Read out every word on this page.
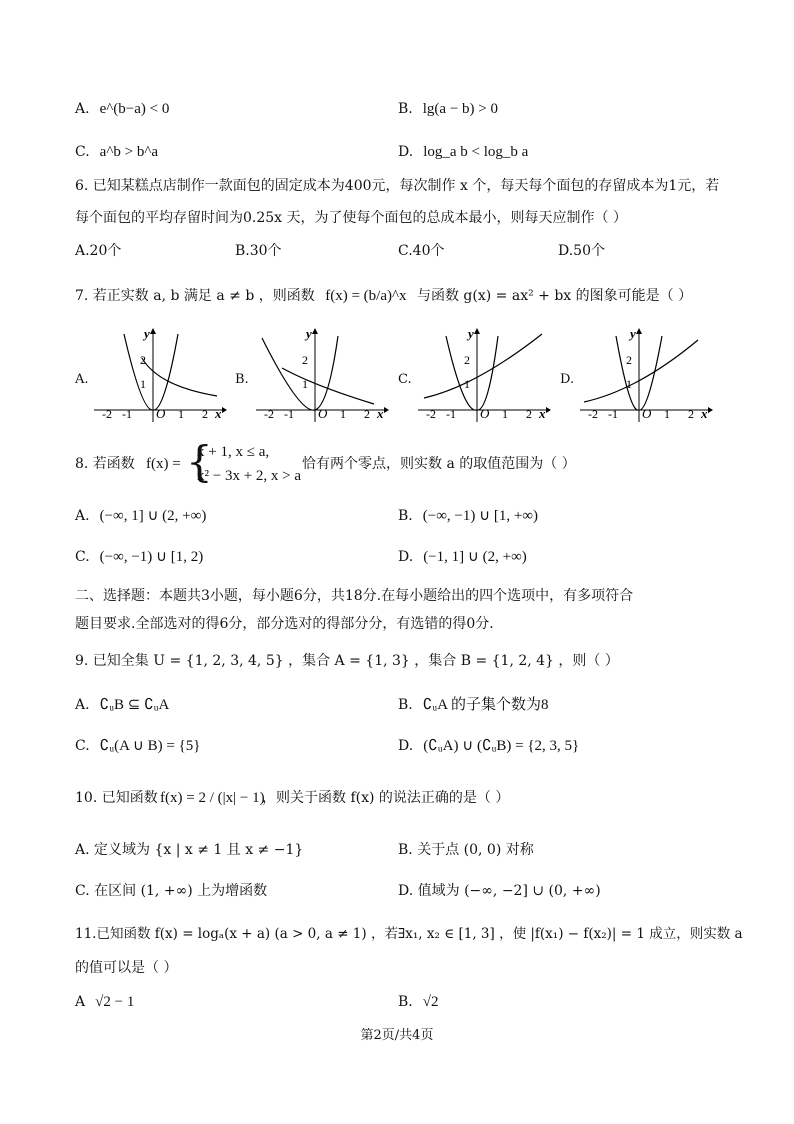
A. e^(b−a) < 0	B. lg(a − b) > 0
C. a^b > b^a	D. log_a b < log_b a
6. 已知某糕点店制作一款面包的固定成本为400元，每次制作 x 个，每天每个面包的存留成本为1元，若
每个面包的平均存留时间为0.25x 天，为了使每个面包的总成本最小，则每天应制作（ ）
A.20个	B.30个	C.40个	D.50个
7. 若正实数 a, b 满足 a ≠ b ，则函数 f(x) = (b/a)^x 与函数 g(x) = ax² + bx 的图象可能是（ ）
A.	B.	C.	D.
y
x
2
1
-2 -1 O 1 2
y
x
2
1
-2 -1 O 1 2
y
x
2
1
-2 -1 O 1 2
y
x
2
1
-2 -1 O 1 2
8. 若函数 f(x) = {
x + 1, x ≤ a,
x² − 3x + 2, x > a
恰有两个零点，则实数 a 的取值范围为（ ）
A. (−∞, 1] ∪ (2, +∞)	B. (−∞, −1) ∪ [1, +∞)
C. (−∞, −1) ∪ [1, 2)	D. (−1, 1] ∪ (2, +∞)
二、选择题：本题共3小题，每小题6分，共18分.在每小题给出的四个选项中，有多项符合
题目要求.全部选对的得6分，部分选对的得部分分，有选错的得0分.
9. 已知全集 U = {1, 2, 3, 4, 5} ，集合 A = {1, 3} ，集合 B = {1, 2, 4} ，则（ ）
A. ∁ᵤB ⊆ ∁ᵤA	B. ∁ᵤA 的子集个数为8
C. ∁ᵤ(A ∪ B) = {5}	D. (∁ᵤA) ∪ (∁ᵤB) = {2, 3, 5}
10. 已知函数 f(x) = 2 / (|x| − 1)
，则关于函数 f(x) 的说法正确的是（ ）
A. 定义域为 {x | x ≠ 1 且 x ≠ −1}	B. 关于点 (0, 0) 对称
C. 在区间 (1, +∞) 上为增函数	D. 值域为 (−∞, −2] ∪ (0, +∞)
11.已知函数 f(x) = logₐ(x + a) (a > 0, a ≠ 1) ，若∃x₁, x₂ ∈ [1, 3] ，使 |f(x₁) − f(x₂)| = 1 成立，则实数 a
的值可以是（ ）
A √2 − 1	B. √2
第2页/共4页
